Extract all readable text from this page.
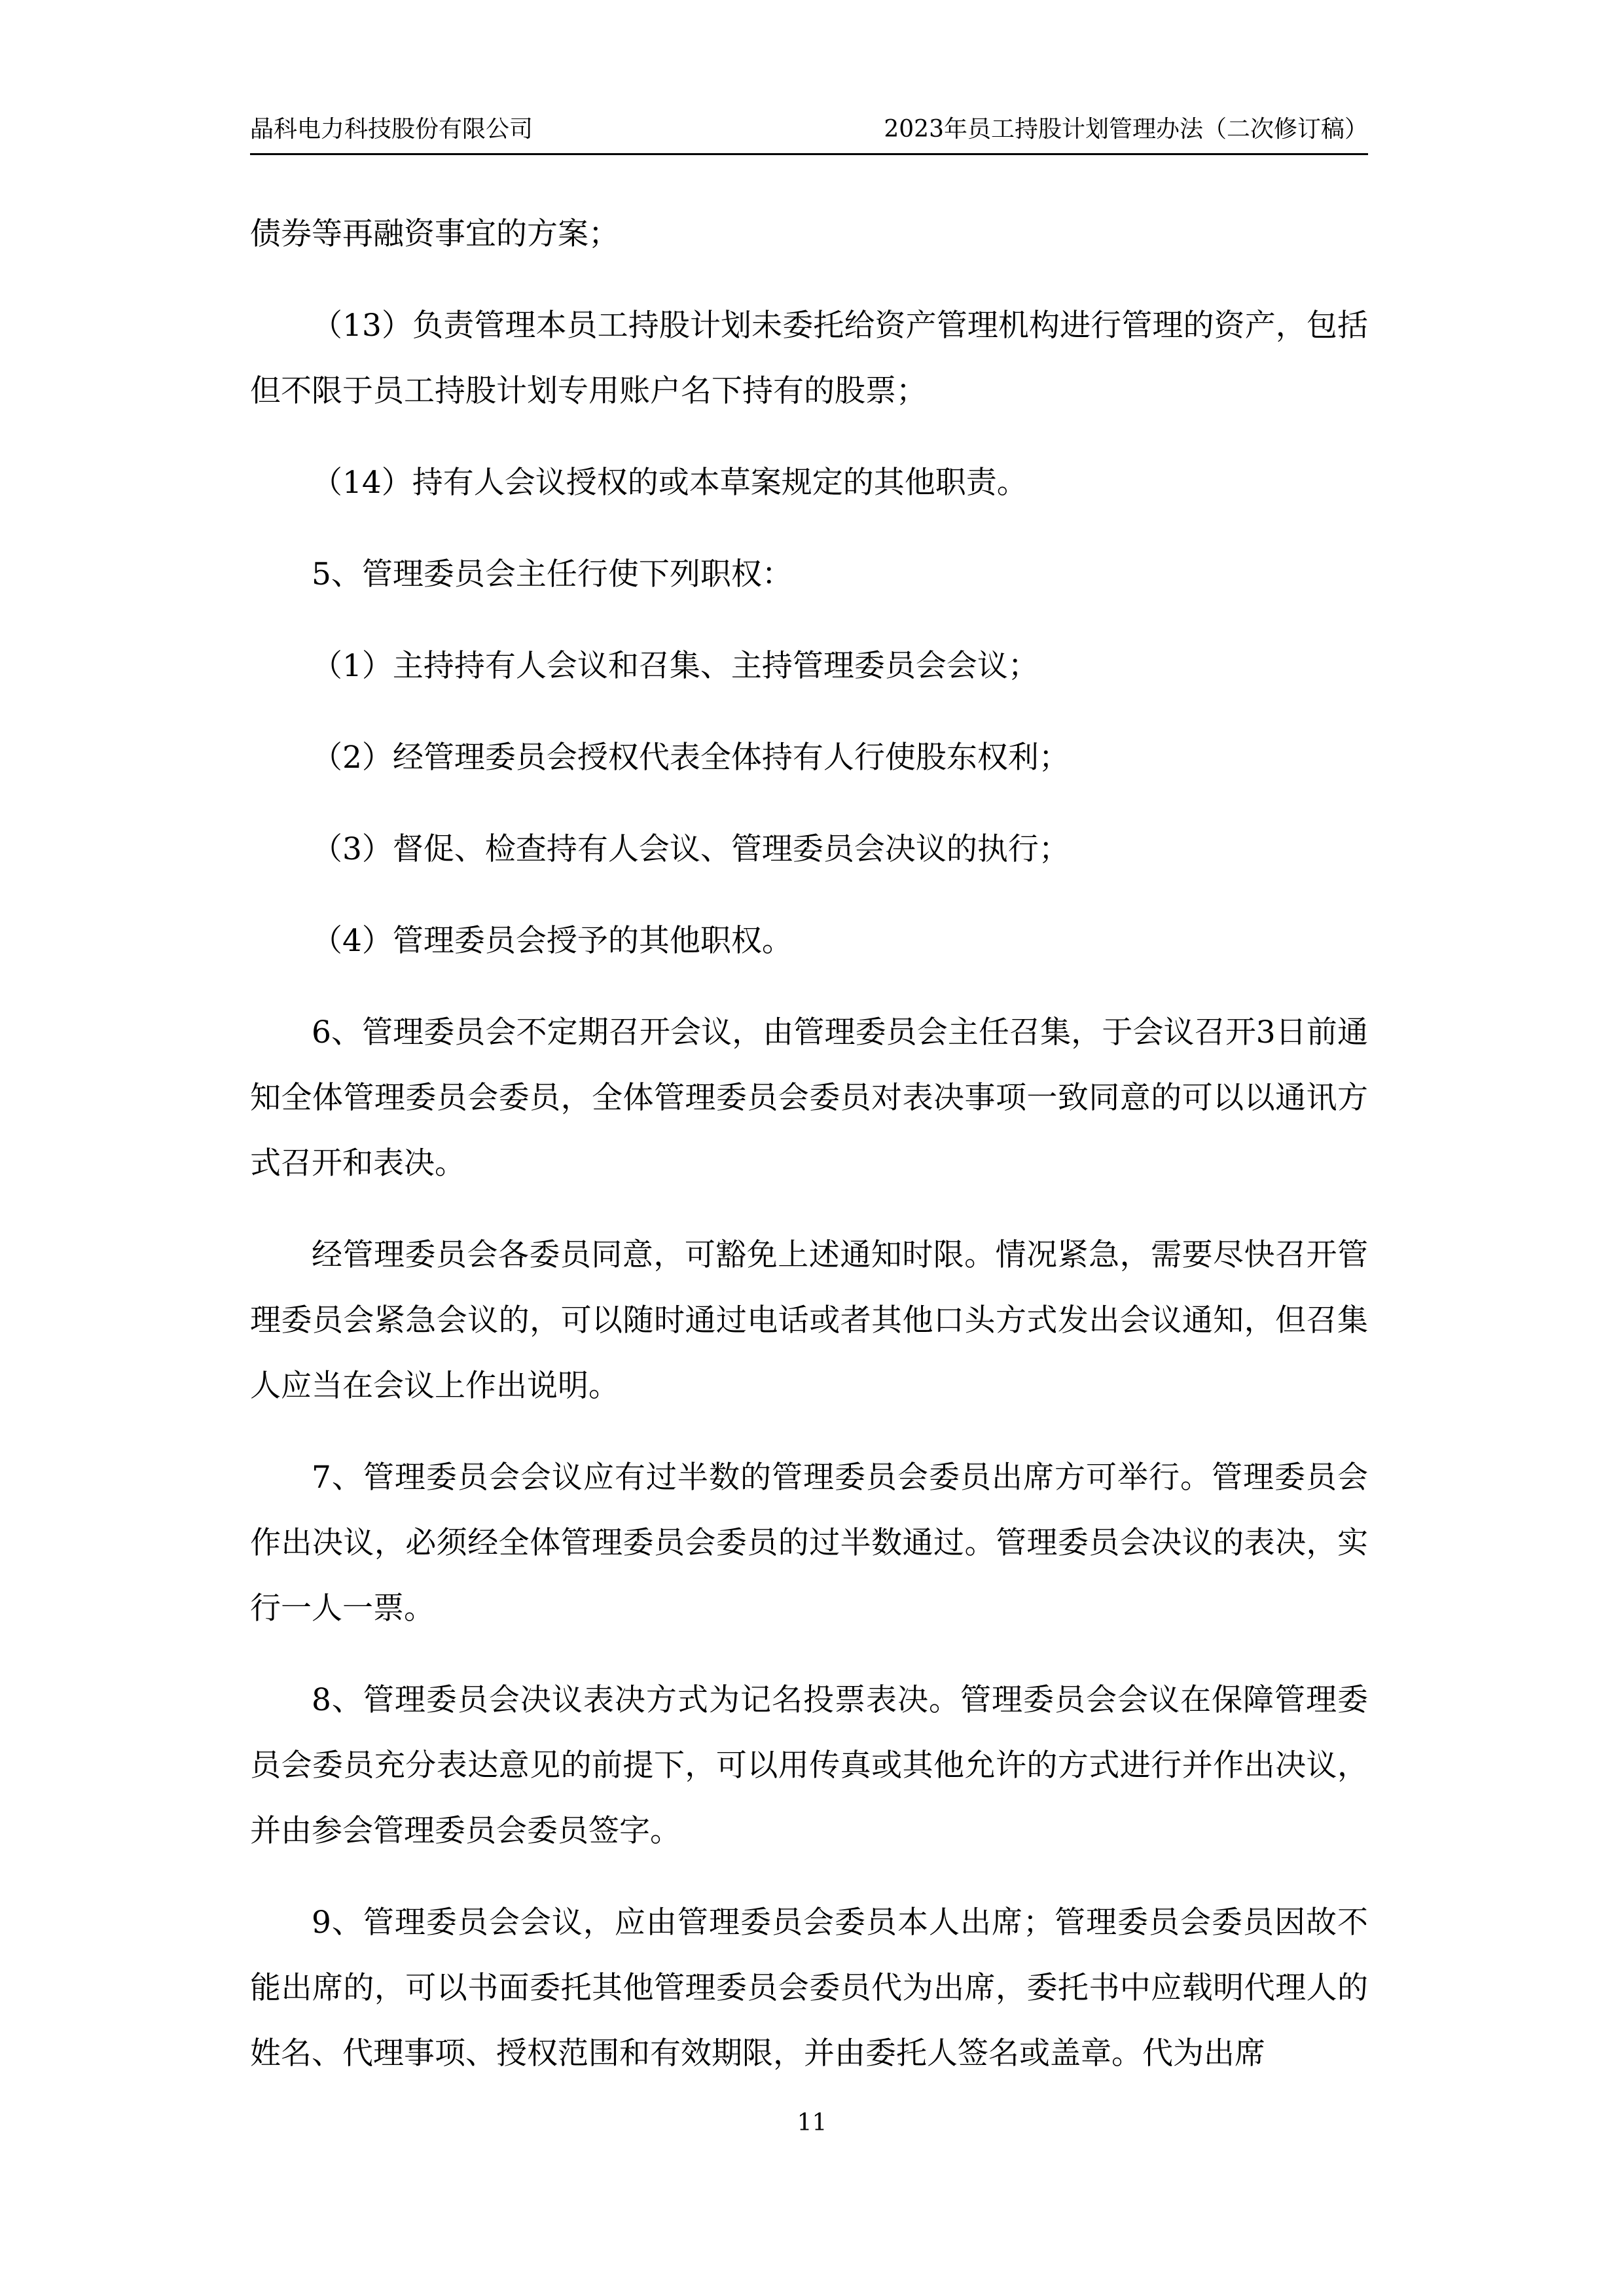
晶科电力科技股份有限公司	2023年员工持股计划管理办法（二次修订稿）

债券等再融资事宜的方案；

（13）负责管理本员工持股计划未委托给资产管理机构进行管理的资产，包括但不限于员工持股计划专用账户名下持有的股票；

（14）持有人会议授权的或本草案规定的其他职责。

5、管理委员会主任行使下列职权：

（1）主持持有人会议和召集、主持管理委员会会议；

（2）经管理委员会授权代表全体持有人行使股东权利；

（3）督促、检查持有人会议、管理委员会决议的执行；

（4）管理委员会授予的其他职权。

6、管理委员会不定期召开会议，由管理委员会主任召集，于会议召开3日前通知全体管理委员会委员，全体管理委员会委员对表决事项一致同意的可以以通讯方式召开和表决。

经管理委员会各委员同意，可豁免上述通知时限。情况紧急，需要尽快召开管理委员会紧急会议的，可以随时通过电话或者其他口头方式发出会议通知，但召集人应当在会议上作出说明。

7、管理委员会会议应有过半数的管理委员会委员出席方可举行。管理委员会作出决议，必须经全体管理委员会委员的过半数通过。管理委员会决议的表决，实行一人一票。

8、管理委员会决议表决方式为记名投票表决。管理委员会会议在保障管理委员会委员充分表达意见的前提下，可以用传真或其他允许的方式进行并作出决议，并由参会管理委员会委员签字。

9、管理委员会会议，应由管理委员会委员本人出席；管理委员会委员因故不能出席的，可以书面委托其他管理委员会委员代为出席，委托书中应载明代理人的姓名、代理事项、授权范围和有效期限，并由委托人签名或盖章。代为出席

11
